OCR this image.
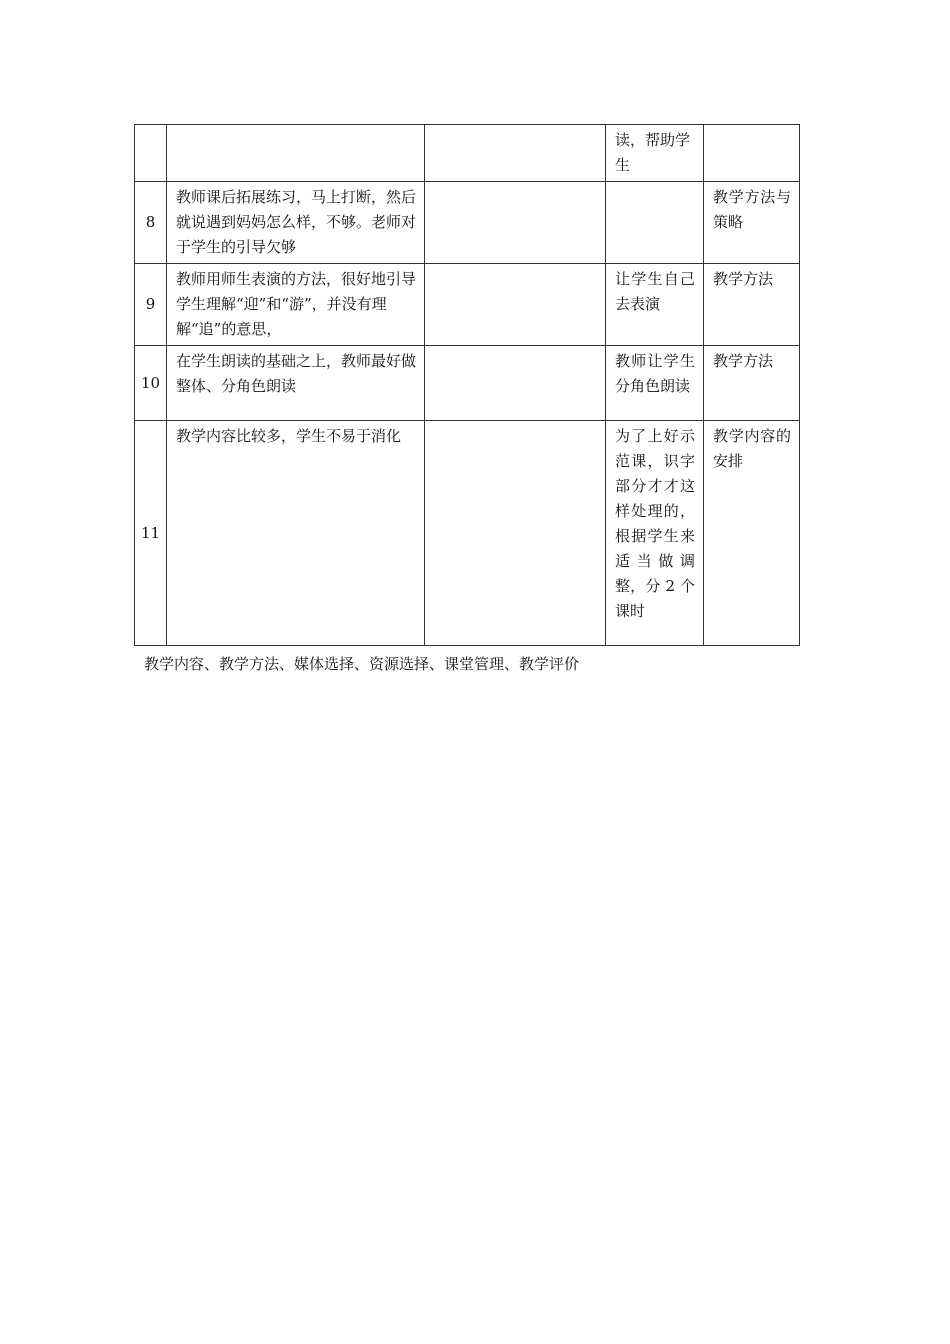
			读，帮助学生	
8	教师课后拓展练习，马上打断，然后就说遇到妈妈怎么样，不够。老师对于学生的引导欠够			教学方法与策略
9	教师用师生表演的方法，很好地引导学生理解“迎”和“游”，并没有理解“追”的意思，		让学生自己去表演	教学方法
10	在学生朗读的基础之上，教师最好做整体、分角色朗读		教师让学生分角色朗读	教学方法
11	教学内容比较多，学生不易于消化		为了上好示范课，识字部分才才这样处理的，根据学生来适当做调整，分 2 个课时	教学内容的安排
教学内容、教学方法、媒体选择、资源选择、课堂管理、教学评价
